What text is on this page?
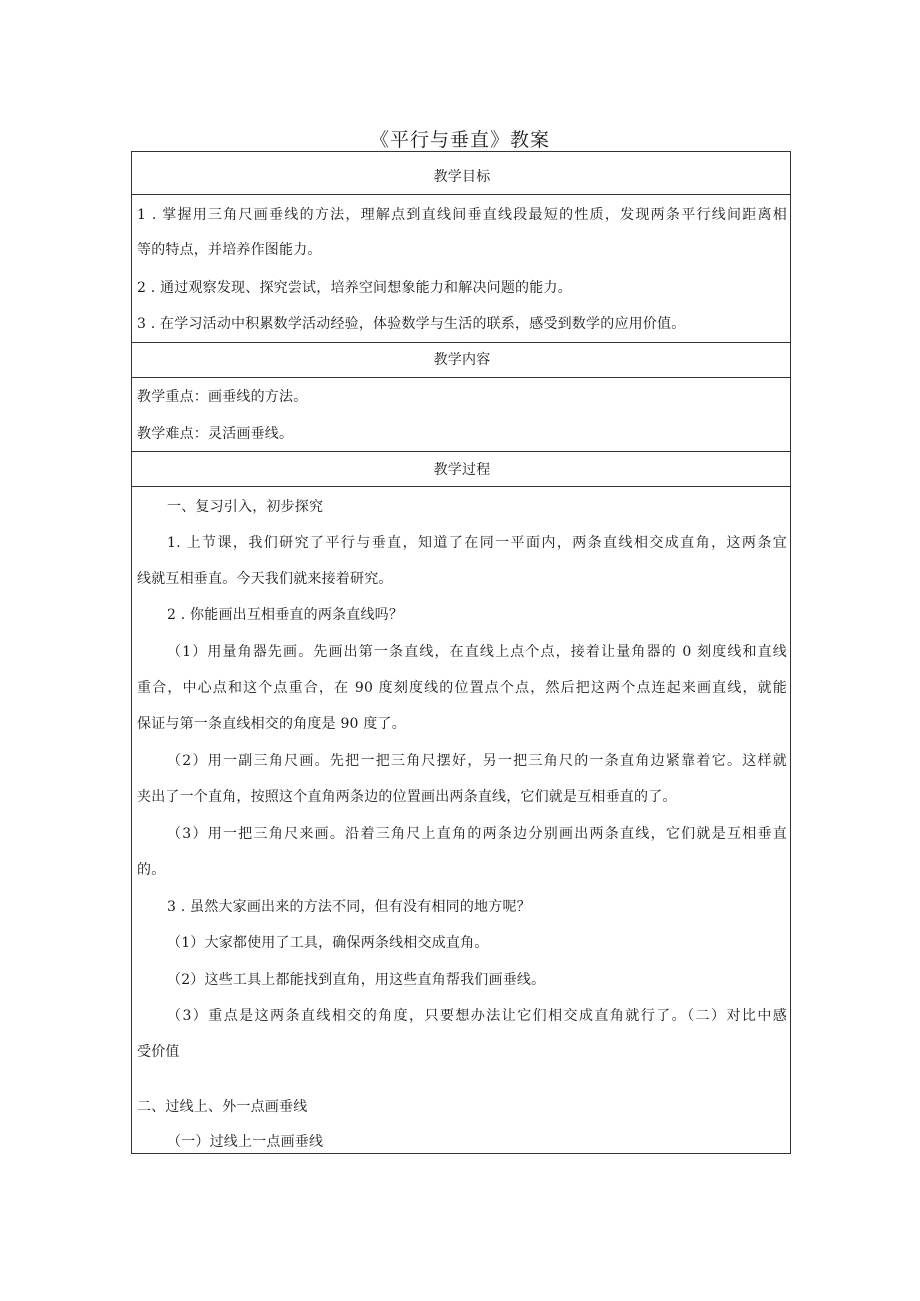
《平行与垂直》教案
教学目标
1 . 掌握用三角尺画垂线的方法，理解点到直线间垂直线段最短的性质，发现两条平行线间距离相
等的特点，并培养作图能力。
2 . 通过观察发现、探究尝试，培养空间想象能力和解决问题的能力。
3 . 在学习活动中积累数学活动经验，体验数学与生活的联系，感受到数学的应用价值。
教学内容
教学重点：画垂线的方法。
教学难点：灵活画垂线。
教学过程
一、复习引入，初步探究
1. 上节课，我们研究了平行与垂直，知道了在同一平面内，两条直线相交成直角，这两条宜
线就互相垂直。今天我们就来接着研究。
2 . 你能画出互相垂直的两条直线吗？
（1）用量角器先画。先画出第一条直线，在直线上点个点，接着让量角器的 0 刻度线和直线
重合，中心点和这个点重合，在 90 度刻度线的位置点个点，然后把这两个点连起来画直线，就能
保证与第一条直线相交的角度是 90 度了。
（2）用一副三角尺画。先把一把三角尺摆好，另一把三角尺的一条直角边紧靠着它。这样就
夹出了一个直角，按照这个直角两条边的位置画出两条直线，它们就是互相垂直的了。
（3）用一把三角尺来画。沿着三角尺上直角的两条边分别画出两条直线，它们就是互相垂直
的。
3 . 虽然大家画出来的方法不同，但有没有相同的地方呢？
（1）大家都使用了工具，确保两条线相交成直角。
（2）这些工具上都能找到直角，用这些直角帮我们画垂线。
（3）重点是这两条直线相交的角度，只要想办法让它们相交成直角就行了。（二）对比中感
受价值
二、过线上、外一点画垂线
（一）过线上一点画垂线
